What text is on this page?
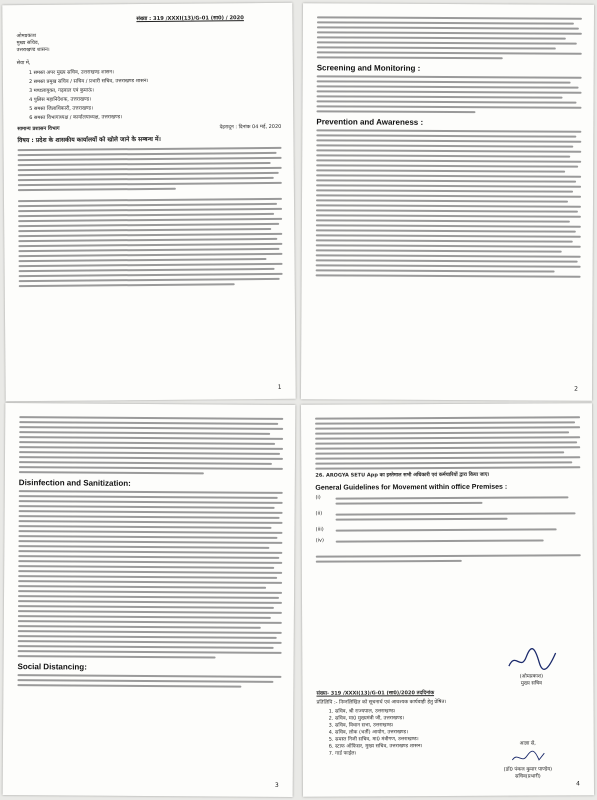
संख्या : 319 /XXXI(13)/G-01 (सा0) / 2020
ओमप्रकाश
मुख्य सचिव,
उत्तराखण्ड शासन।
सेवा में,
1 समस्त अपर मुख्य सचिव, उत्तराखण्ड शासन।
2 समस्त प्रमुख सचिव / सचिव / प्रभारी सचिव, उत्तराखण्ड शासन।
3 मण्डलायुक्त, गढ़वाल एवं कुमाऊं।
4 पुलिस महानिदेशक, उत्तराखण्ड।
5 समस्त जिलाधिकारी, उत्तराखण्ड।
6 समस्त विभागाध्यक्ष / कार्यालयाध्यक्ष, उत्तराखण्ड।
सामान्य प्रशासन विभाग	देहरादून : दिनांक 04 मई, 2020
विषय : प्रदेश के शासकीय कार्यालयों को खोले जाने के सम्बन्ध में।
1
Screening and Monitoring :
Prevention and Awareness :
2
Disinfection and Sanitization:
Social Distancing:
3
26. AROGYA SETU App का इस्तेमाल सभी अधिकारी एवं कर्मचारियों द्वारा किया जाए।
General Guidelines for Movement within office Premises :
(i)
(ii)
(iii)
(iv)
(ओमप्रकाश)
मुख्य सचिव
संख्या- 319 /XXXI(13)/G-01 (सा0)/2020 तददिनांक
प्रतिलिपि :- निम्नलिखित को सूचनार्थ एवं आवश्यक कार्यवाही हेतु प्रेषित।
1. सचिव, श्री राज्यपाल, उत्तराखण्ड।
2. सचिव, मा0 मुख्यमंत्री जी, उत्तराखण्ड।
3. सचिव, विधान सभा, उत्तराखण्ड।
4. सचिव, लोक (भर्ती) आयोग, उत्तराखण्ड।
5. समस्त निजी सचिव, मा0 मंत्रीगण, उत्तराखण्ड।
6. स्टाफ ऑफिसर, मुख्य सचिव, उत्तराखण्ड शासन।
7. गार्ड फाईल।
आज्ञा से,
(डॉ0 पंकज कुमार पाण्डेय)
सचिव(प्रभारी)
4
